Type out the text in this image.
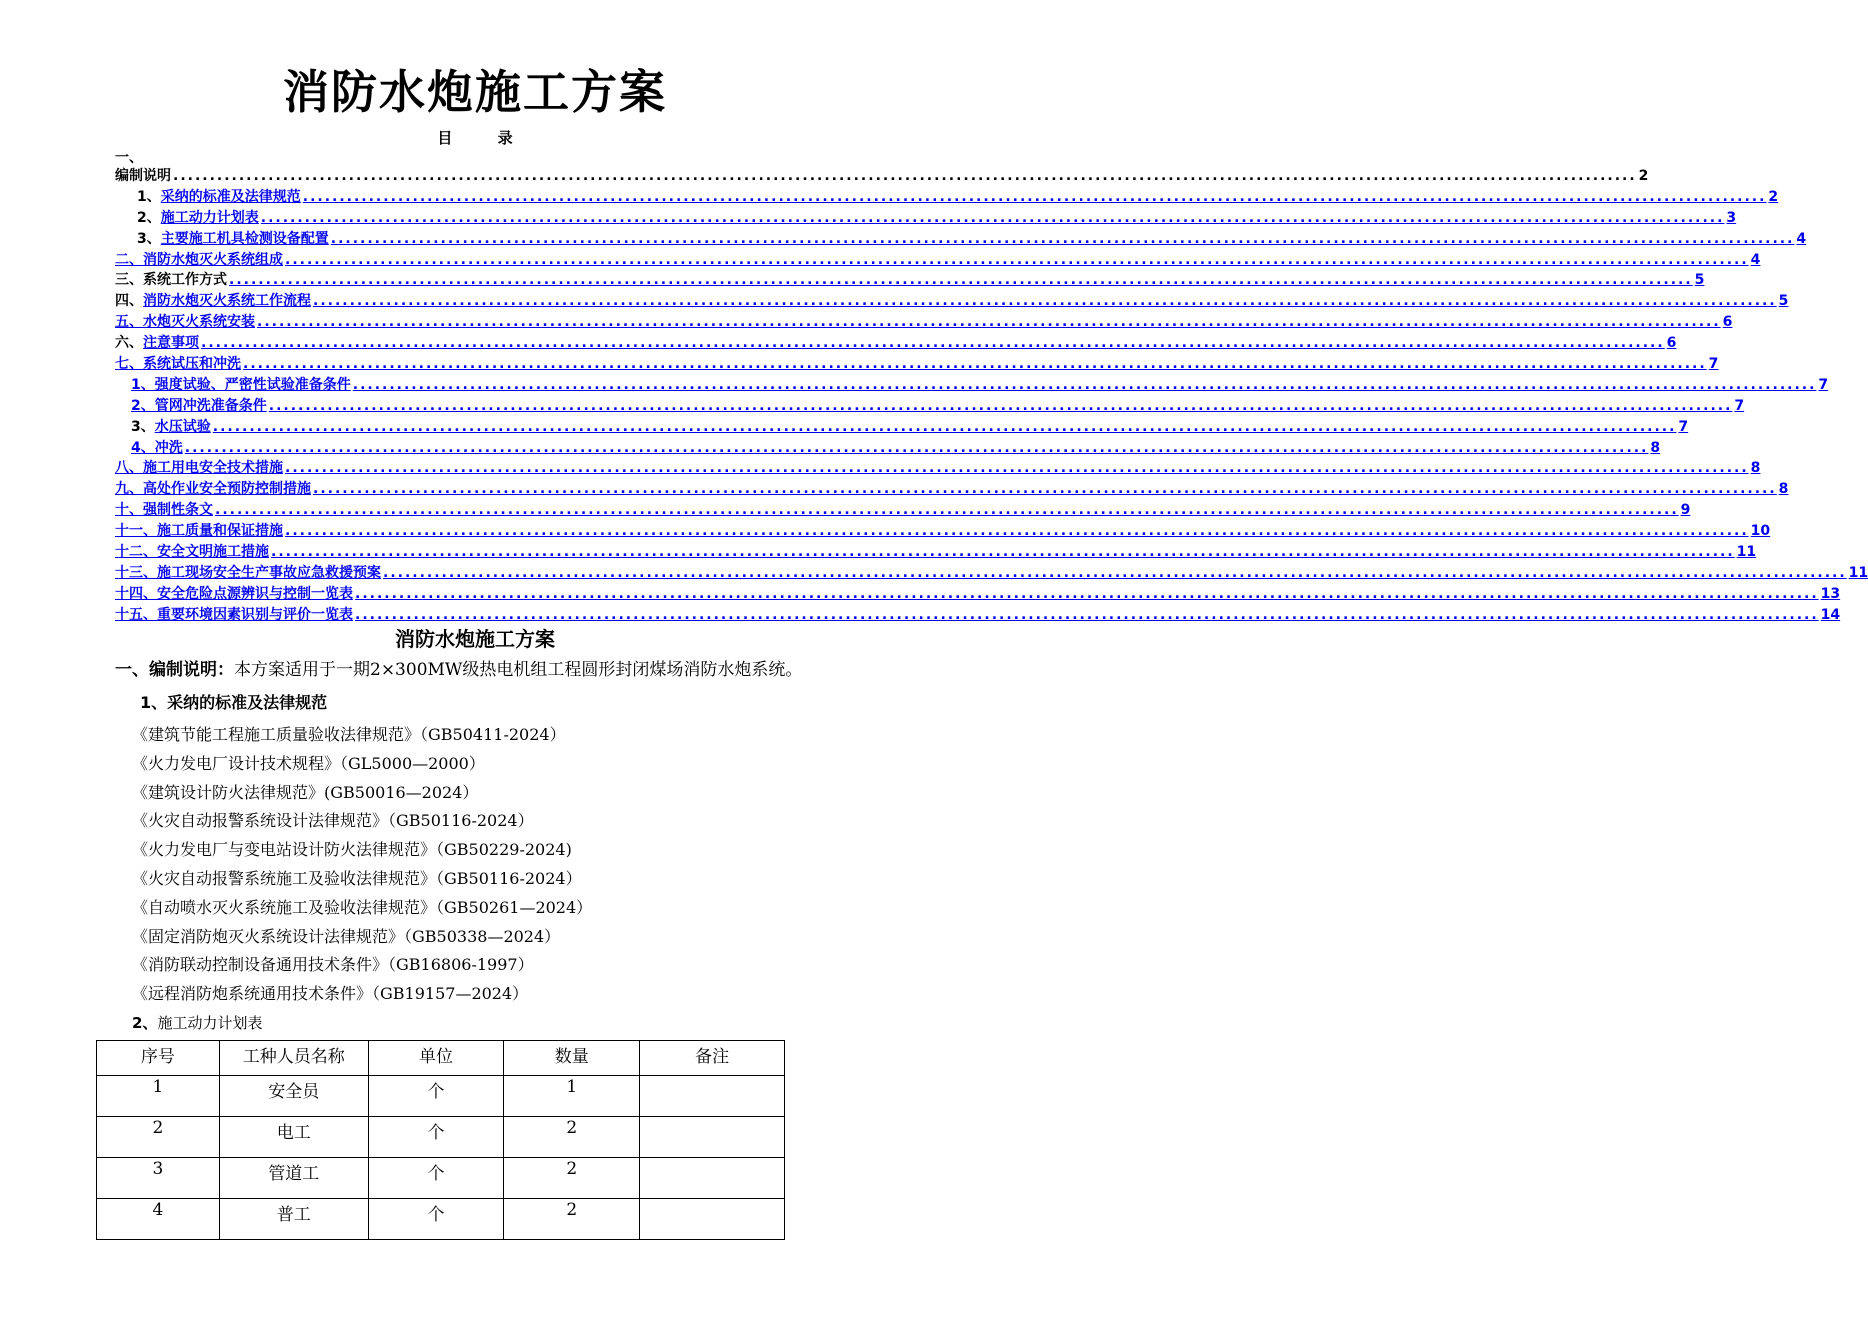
消防水炮施工方案
目 录
一、
编制说明 ........................................................................................................................................................................................................ 2
1、采纳的标准及法律规范 ........................................................................................................................................................................................................ 2
2、施工动力计划表 ........................................................................................................................................................................................................ 3
3、主要施工机具检测设备配置 ........................................................................................................................................................................................................ 4
二、消防水炮灭火系统组成 ........................................................................................................................................................................................................ 4
三、系统工作方式 ........................................................................................................................................................................................................ 5
四、消防水炮灭火系统工作流程 ........................................................................................................................................................................................................ 5
五、水炮灭火系统安装 ........................................................................................................................................................................................................ 6
六、注意事项 ........................................................................................................................................................................................................ 6
七、系统试压和冲洗 ........................................................................................................................................................................................................ 7
1、强度试验、严密性试验准备条件 ........................................................................................................................................................................................................ 7
2、管网冲洗准备条件 ........................................................................................................................................................................................................ 7
3、水压试验 ........................................................................................................................................................................................................ 7
4、冲洗 ........................................................................................................................................................................................................ 8
八、施工用电安全技术措施 ........................................................................................................................................................................................................ 8
九、高处作业安全预防控制措施 ........................................................................................................................................................................................................ 8
十、强制性条文 ........................................................................................................................................................................................................ 9
十一、施工质量和保证措施 ........................................................................................................................................................................................................ 10
十二、安全文明施工措施 ........................................................................................................................................................................................................ 11
十三、施工现场安全生产事故应急救援预案 ........................................................................................................................................................................................................ 11
十四、安全危险点源辨识与控制一览表 ........................................................................................................................................................................................................ 13
十五、重要环境因素识别与评价一览表 ........................................................................................................................................................................................................ 14
消防水炮施工方案
一、编制说明：本方案适用于一期2×300MW级热电机组工程圆形封闭煤场消防水炮系统。
1、采纳的标准及法律规范
《建筑节能工程施工质量验收法律规范》（GB50411-2024）
《火力发电厂设计技术规程》（GL5000—2000）
《建筑设计防火法律规范》(GB50016—2024）
《火灾自动报警系统设计法律规范》（GB50116-2024）
《火力发电厂与变电站设计防火法律规范》（GB50229-2024)
《火灾自动报警系统施工及验收法律规范》（GB50116-2024）
《自动喷水灭火系统施工及验收法律规范》（GB50261—2024）
《固定消防炮灭火系统设计法律规范》（GB50338—2024）
《消防联动控制设备通用技术条件》（GB16806-1997）
《远程消防炮系统通用技术条件》（GB19157—2024）
2、施工动力计划表
序号	工种人员名称	单位	数量	备注
1	安全员	个	1	
2	电工	个	2	
3	管道工	个	2	
4	普工	个	2	
